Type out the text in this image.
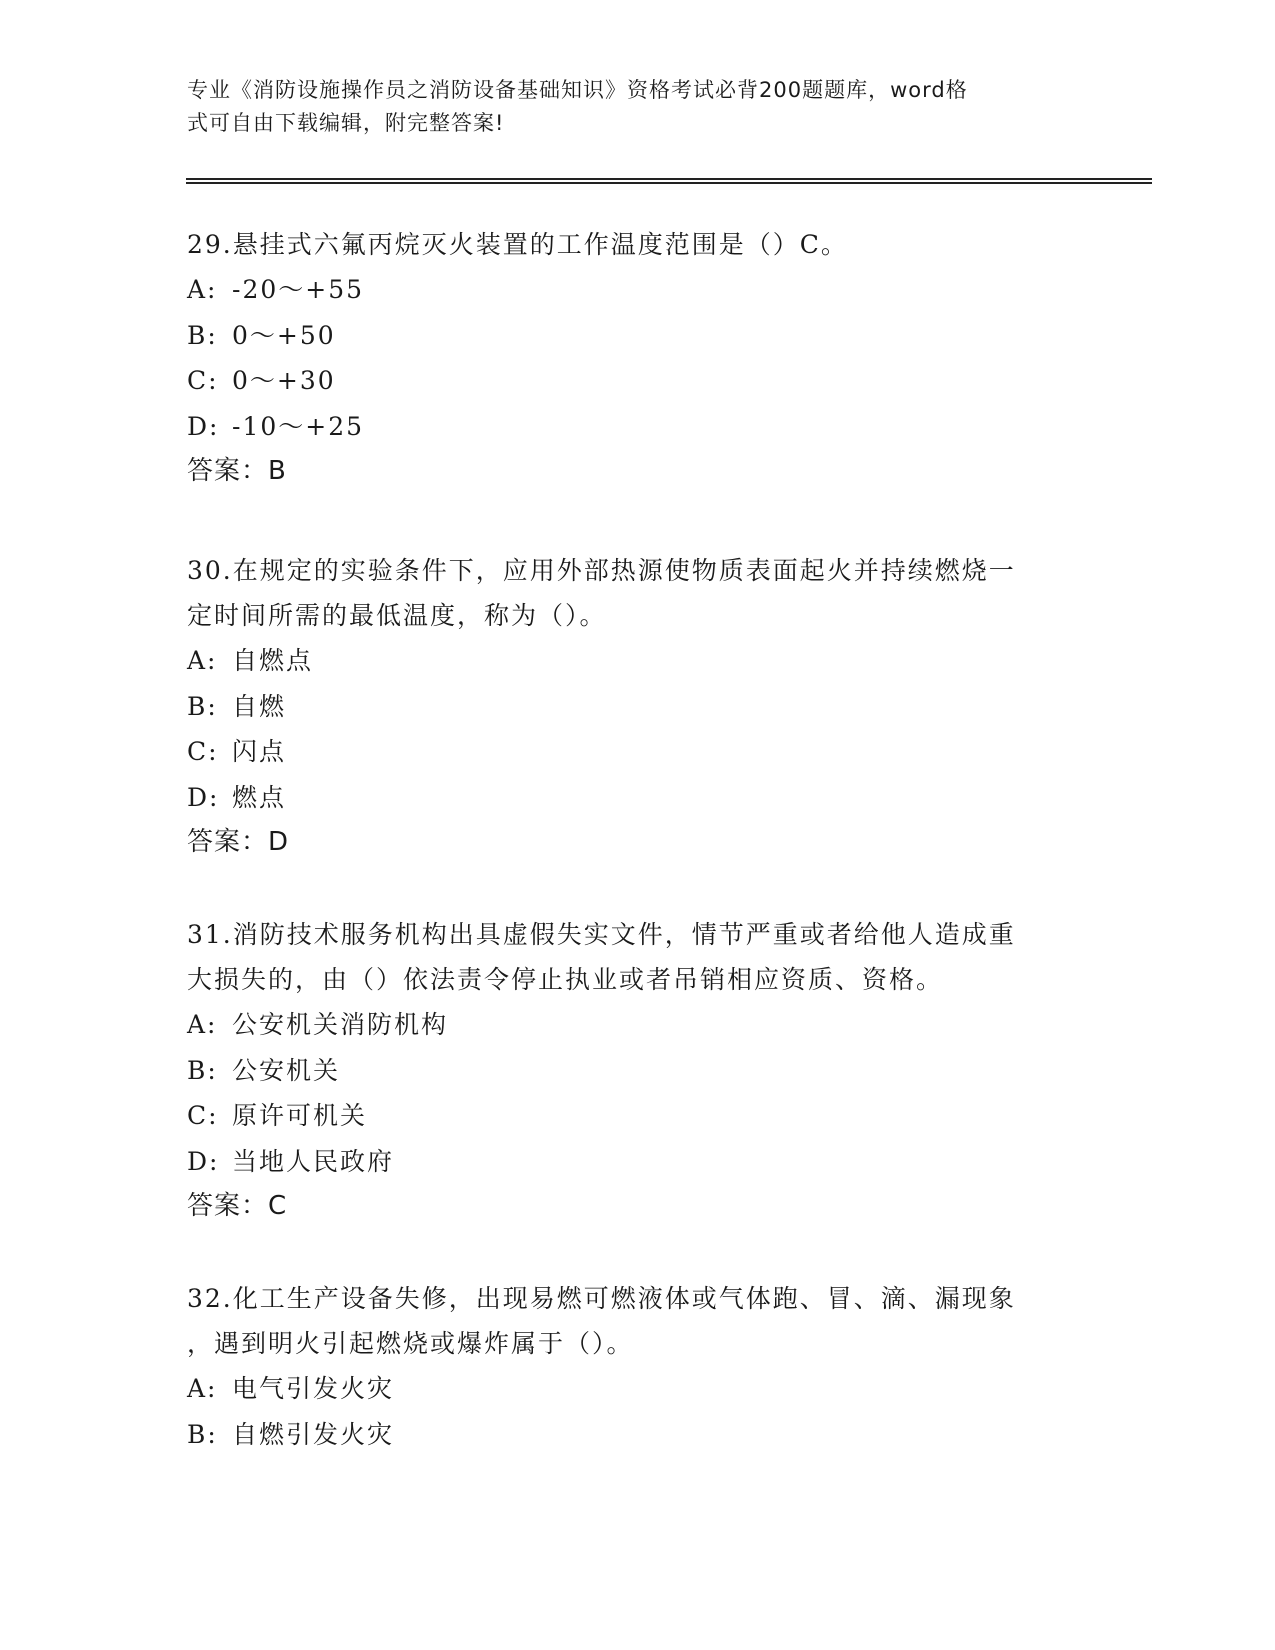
专业《消防设施操作员之消防设备基础知识》资格考试必背200题题库，word格
式可自由下载编辑，附完整答案!

29.悬挂式六氟丙烷灭火装置的工作温度范围是（）C。

A: -20～+55

B: 0～+50

C: 0～+30

D: -10～+25

答案：B

30.在规定的实验条件下，应用外部热源使物质表面起火并持续燃烧一

定时间所需的最低温度，称为（）。

A: 自燃点

B: 自燃

C: 闪点

D: 燃点

答案：D

31.消防技术服务机构出具虚假失实文件，情节严重或者给他人造成重

大损失的，由（）依法责令停止执业或者吊销相应资质、资格。

A: 公安机关消防机构

B: 公安机关

C: 原许可机关

D: 当地人民政府

答案：C

32.化工生产设备失修，出现易燃可燃液体或气体跑、冒、滴、漏现象

，遇到明火引起燃烧或爆炸属于（）。

A: 电气引发火灾

B: 自燃引发火灾
